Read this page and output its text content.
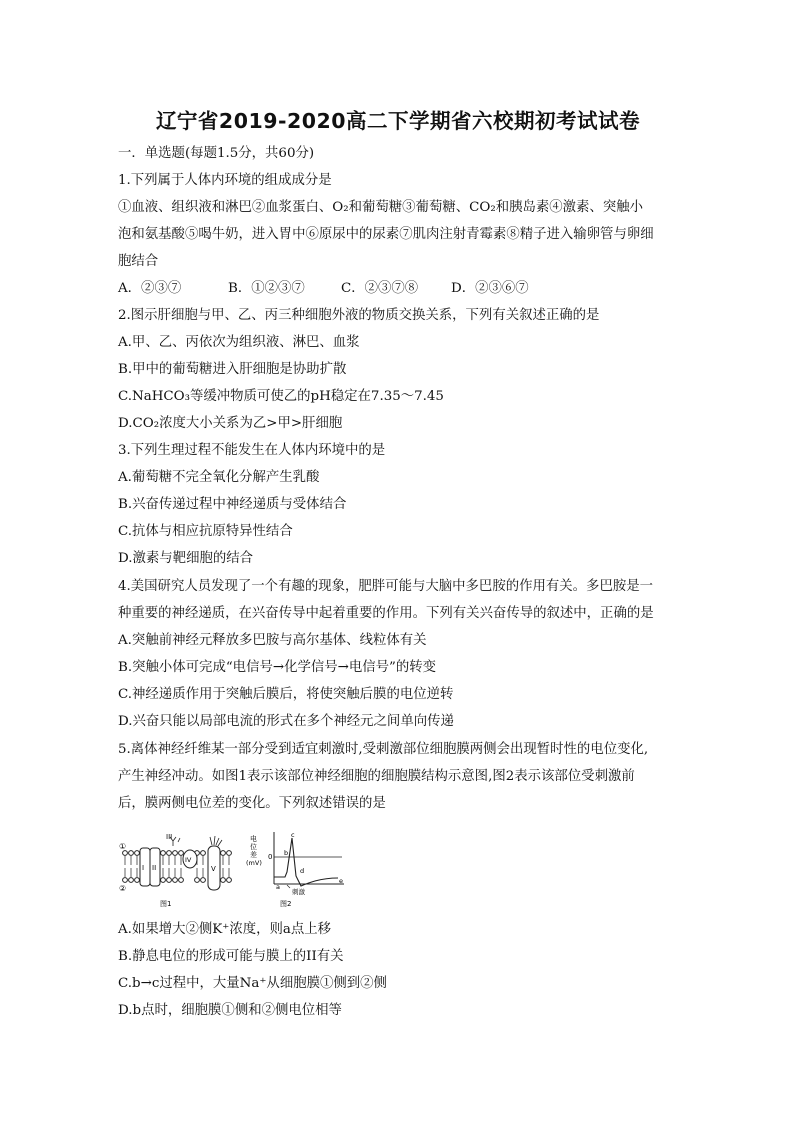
辽宁省2019-2020高二下学期省六校期初考试试卷
一．单选题(每题1.5分，共60分)
1.下列属于人体内环境的组成成分是
①血液、组织液和淋巴②血浆蛋白、O₂和葡萄糖③葡萄糖、CO₂和胰岛素④激素、突触小
泡和氨基酸⑤喝牛奶，进入胃中⑥原尿中的尿素⑦肌肉注射青霉素⑧精子进入输卵管与卵细
胞结合
A．②③⑦	B．①②③⑦	C．②③⑦⑧ D．②③⑥⑦
2.图示肝细胞与甲、乙、丙三种细胞外液的物质交换关系，下列有关叙述正确的是
A.甲、乙、丙依次为组织液、淋巴、血浆
B.甲中的葡萄糖进入肝细胞是协助扩散
C.NaHCO₃等缓冲物质可使乙的pH稳定在7.35～7.45
D.CO₂浓度大小关系为乙>甲>肝细胞
3.下列生理过程不能发生在人体内环境中的是
A.葡萄糖不完全氧化分解产生乳酸
B.兴奋传递过程中神经递质与受体结合
C.抗体与相应抗原特异性结合
D.激素与靶细胞的结合
4.美国研究人员发现了一个有趣的现象，肥胖可能与大脑中多巴胺的作用有关。多巴胺是一
种重要的神经递质，在兴奋传导中起着重要的作用。下列有关兴奋传导的叙述中，正确的是
A.突触前神经元释放多巴胺与高尔基体、线粒体有关
B.突触小体可完成“电信号→化学信号→电信号”的转变
C.神经递质作用于突触后膜后，将使突触后膜的电位逆转
D.兴奋只能以局部电流的形式在多个神经元之间单向传递
5.离体神经纤维某一部分受到适宜刺激时,受刺激部位细胞膜两侧会出现暂时性的电位变化,
产生神经冲动。如图1表示该部位神经细胞的细胞膜结构示意图,图2表示该部位受刺激前
后，膜两侧电位差的变化。下列叙述错误的是
①
②
I II
III
IV
V
图1
电
位
差
(mV)
0
a
b
c
d
e
刺激
图2
A.如果增大②侧K⁺浓度，则a点上移
B.静息电位的形成可能与膜上的II有关
C.b→c过程中，大量Na⁺从细胞膜①侧到②侧
D.b点时，细胞膜①侧和②侧电位相等
